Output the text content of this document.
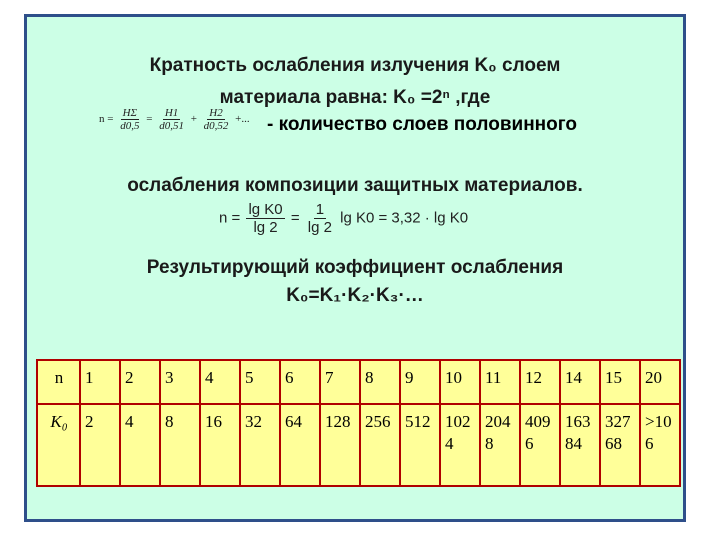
Кратность ослабления излучения K₀ слоем
материала равна: K₀ =2ⁿ ,где
$n = \frac{H\Sigma}{d0,5} = \frac{H1}{d0,51} + \frac{H2}{d0,52}$ +... - количество слоев половинного
ослабления композиции защитных материалов.
$n = \frac{\text{lg K0}}{\lg 2} = \frac{1}{\lg 2}$ lg K0 = 3,32 · lg K0
Результирующий коэффициент ослабления
K₀=K₁·K₂·K₃·…
n	1	2	3	4	5	6	7	8	9	10	11	12	14	15	20
K₀	2	4	8	16	32	64	128	256	512	1024	2048	4096	16384	32768	>106
